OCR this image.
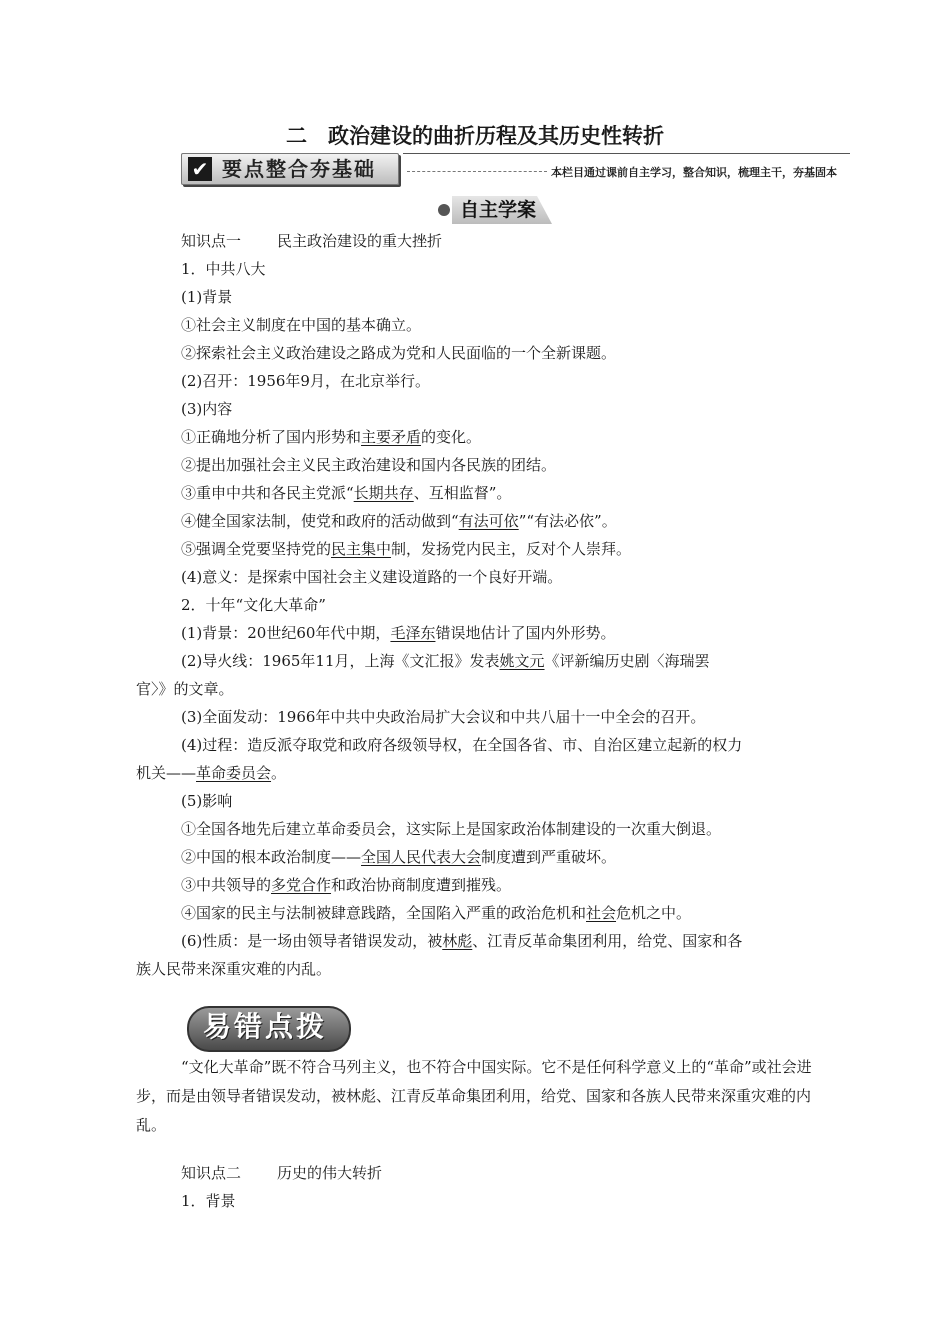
二　政治建设的曲折历程及其历史性转折
✔ 要点整合夯基础	本栏目通过课前自主学习，整合知识，梳理主干，夯基固本
自主学案
知识点一 民主政治建设的重大挫折
1．中共八大
(1)背景
①社会主义制度在中国的基本确立。
②探索社会主义政治建设之路成为党和人民面临的一个全新课题。
(2)召开：1956年9月，在北京举行。
(3)内容
①正确地分析了国内形势和主要矛盾的变化。
②提出加强社会主义民主政治建设和国内各民族的团结。
③重申中共和各民主党派“长期共存、互相监督”。
④健全国家法制，使党和政府的活动做到“有法可依”“有法必依”。
⑤强调全党要坚持党的民主集中制，发扬党内民主，反对个人崇拜。
(4)意义：是探索中国社会主义建设道路的一个良好开端。
2．十年“文化大革命”
(1)背景：20世纪60年代中期，毛泽东错误地估计了国内外形势。
(2)导火线：1965年11月，上海《文汇报》发表姚文元《评新编历史剧〈海瑞罢
官〉》的文章。
(3)全面发动：1966年中共中央政治局扩大会议和中共八届十一中全会的召开。
(4)过程：造反派夺取党和政府各级领导权，在全国各省、市、自治区建立起新的权力
机关——革命委员会。
(5)影响
①全国各地先后建立革命委员会，这实际上是国家政治体制建设的一次重大倒退。
②中国的根本政治制度——全国人民代表大会制度遭到严重破坏。
③中共领导的多党合作和政治协商制度遭到摧残。
④国家的民主与法制被肆意践踏，全国陷入严重的政治危机和社会危机之中。
(6)性质：是一场由领导者错误发动，被林彪、江青反革命集团利用，给党、国家和各
族人民带来深重灾难的内乱。
易错点拨
“文化大革命”既不符合马列主义，也不符合中国实际。它不是任何科学意义上的“革命”或社会进步，而是由领导者错误发动，被林彪、江青反革命集团利用，给党、国家和各族人民带来深重灾难的内乱。
知识点二 历史的伟大转折
1．背景
